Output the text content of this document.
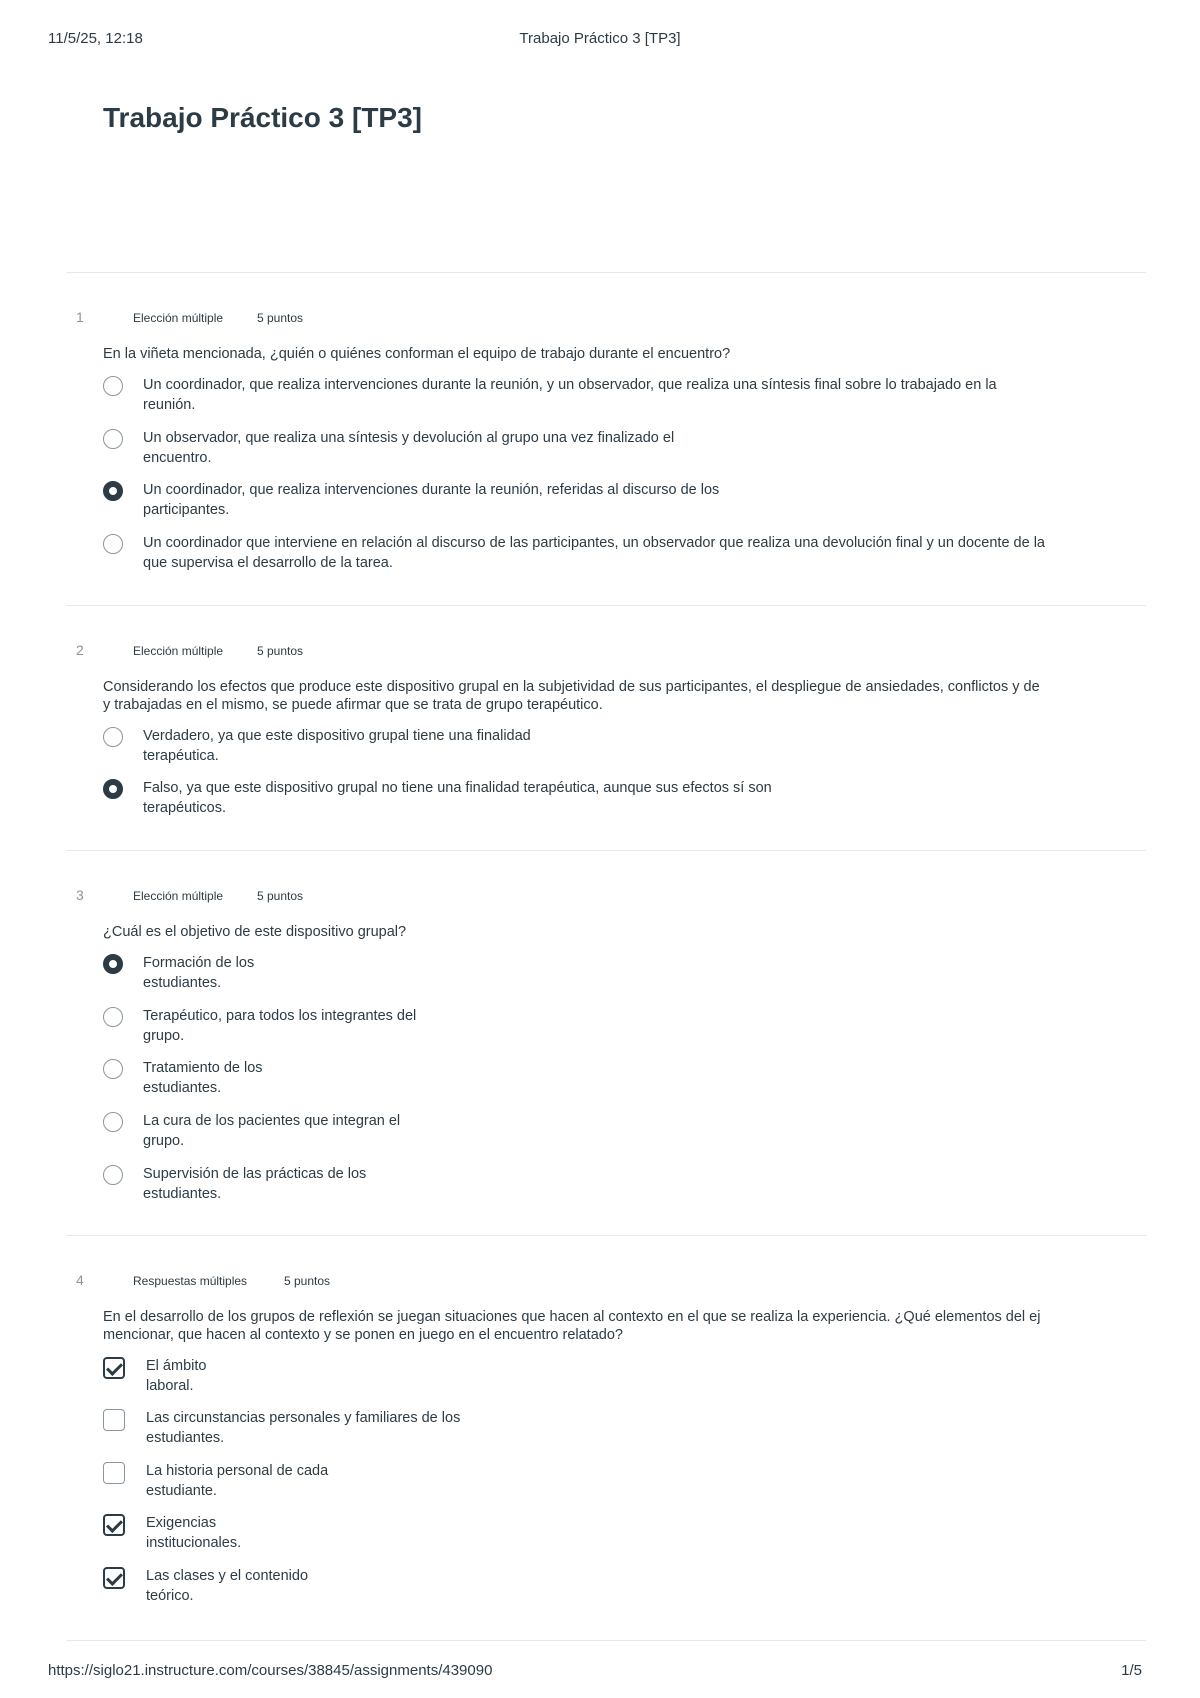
11/5/25, 12:18	Trabajo Práctico 3 [TP3]
Trabajo Práctico 3 [TP3]
1	Elección múltiple	5 puntos
En la viñeta mencionada, ¿quién o quiénes conforman el equipo de trabajo durante el encuentro?
Un coordinador, que realiza intervenciones durante la reunión, y un observador, que realiza una síntesis final sobre lo trabajado en la
reunión.
Un observador, que realiza una síntesis y devolución al grupo una vez finalizado el
encuentro.
Un coordinador, que realiza intervenciones durante la reunión, referidas al discurso de los
participantes.
Un coordinador que interviene en relación al discurso de las participantes, un observador que realiza una devolución final y un docente de la
que supervisa el desarrollo de la tarea.
2	Elección múltiple	5 puntos
Considerando los efectos que produce este dispositivo grupal en la subjetividad de sus participantes, el despliegue de ansiedades, conflictos y de
y trabajadas en el mismo, se puede afirmar que se trata de grupo terapéutico.
Verdadero, ya que este dispositivo grupal tiene una finalidad
terapéutica.
Falso, ya que este dispositivo grupal no tiene una finalidad terapéutica, aunque sus efectos sí son
terapéuticos.
3	Elección múltiple	5 puntos
¿Cuál es el objetivo de este dispositivo grupal?
Formación de los
estudiantes.
Terapéutico, para todos los integrantes del
grupo.
Tratamiento de los
estudiantes.
La cura de los pacientes que integran el
grupo.
Supervisión de las prácticas de los
estudiantes.
4	Respuestas múltiples	5 puntos
En el desarrollo de los grupos de reflexión se juegan situaciones que hacen al contexto en el que se realiza la experiencia. ¿Qué elementos del ej
mencionar, que hacen al contexto y se ponen en juego en el encuentro relatado?
El ámbito
laboral.
Las circunstancias personales y familiares de los
estudiantes.
La historia personal de cada
estudiante.
Exigencias
institucionales.
Las clases y el contenido
teórico.
https://siglo21.instructure.com/courses/38845/assignments/439090	1/5
